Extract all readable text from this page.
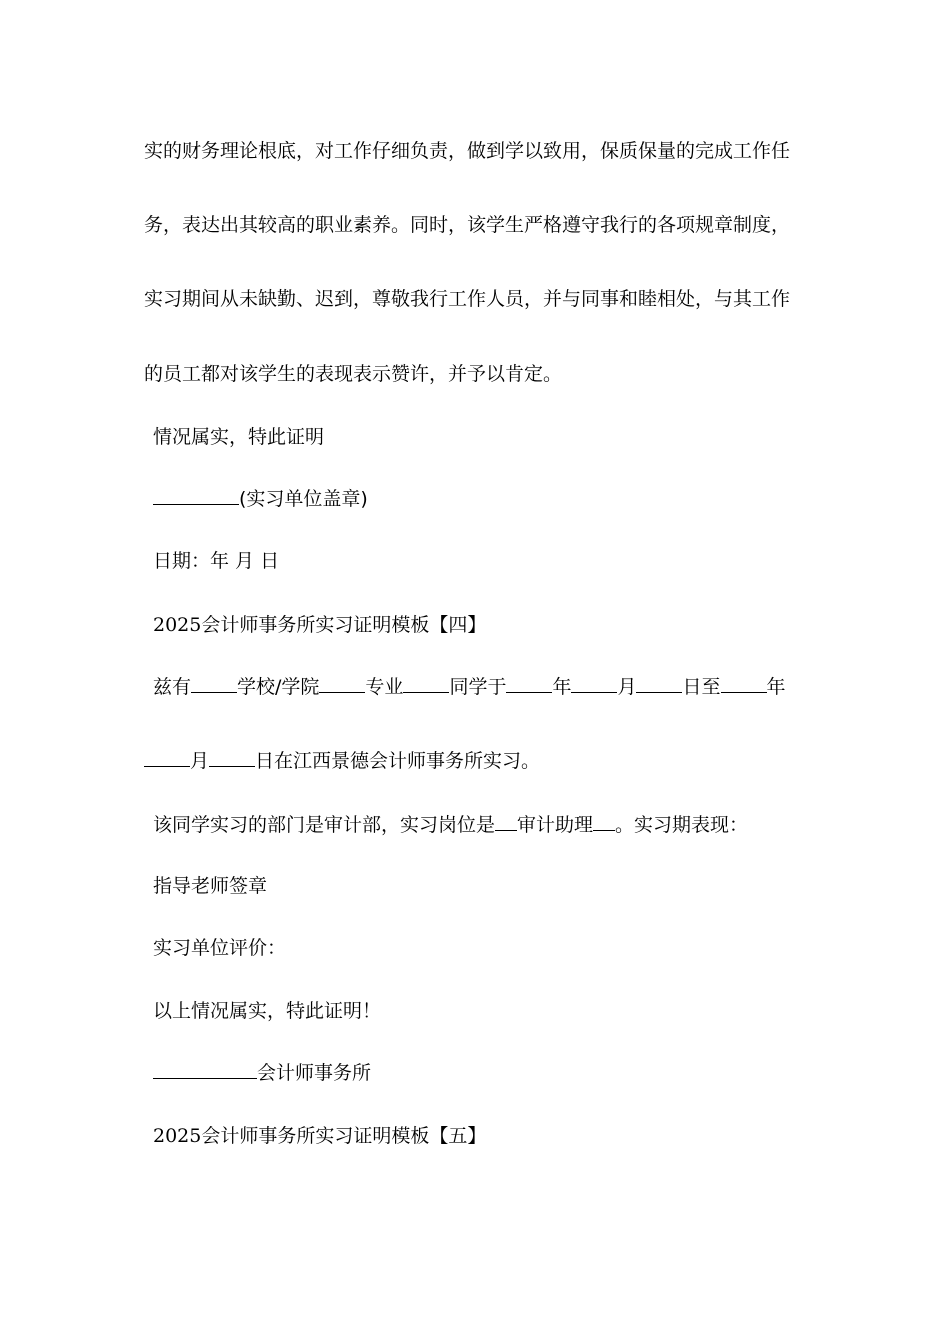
实的财务理论根底，对工作仔细负责，做到学以致用，保质保量的完成工作任
务，表达出其较高的职业素养。同时，该学生严格遵守我行的各项规章制度，
实习期间从未缺勤、迟到，尊敬我行工作人员，并与同事和睦相处，与其工作
的员工都对该学生的表现表示赞许，并予以肯定。
情况属实，特此证明
(实习单位盖章)
日期：年 月 日
2025会计师事务所实习证明模板【四】
兹有 学校/学院 专业 同学于 年 月 日至 年
月 日在江西景德会计师事务所实习。
该同学实习的部门是审计部，实习岗位是 审计助理 。实习期表现：
指导老师签章
实习单位评价：
以上情况属实，特此证明！
会计师事务所
2025会计师事务所实习证明模板【五】
